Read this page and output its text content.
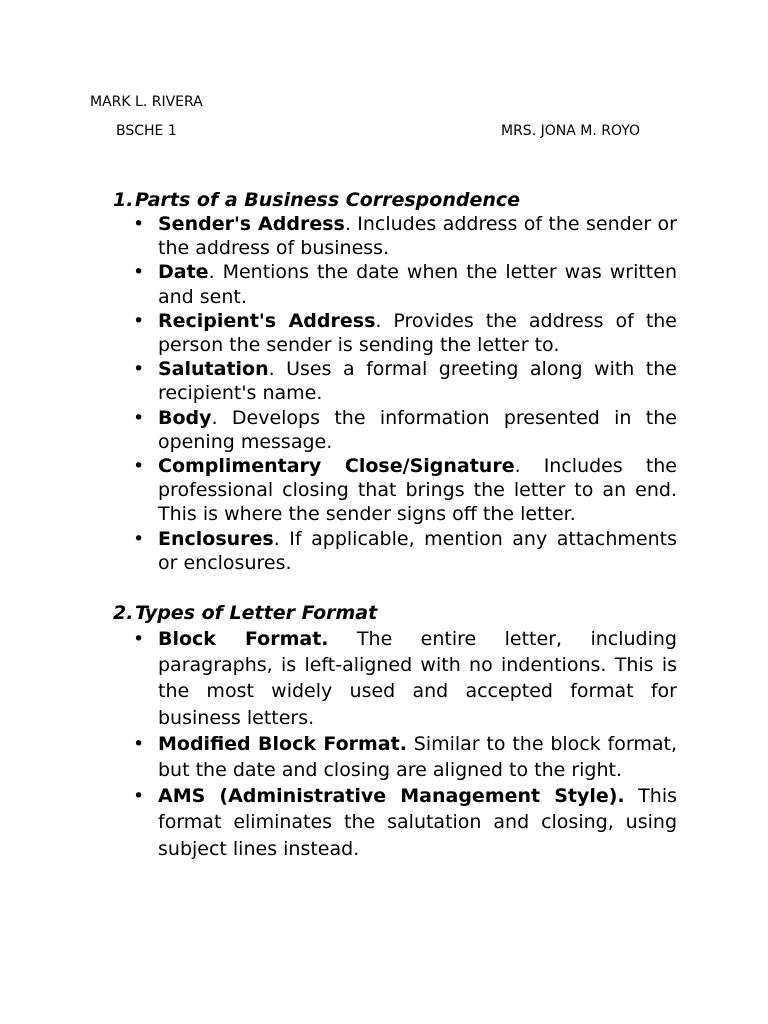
MARK L. RIVERA
BSCHE 1	MRS. JONA M. ROYO
1.Parts of a Business Correspondence
• Sender's Address. Includes address of the sender or the address of business.
• Date. Mentions the date when the letter was written and sent.
• Recipient's Address. Provides the address of the person the sender is sending the letter to.
• Salutation. Uses a formal greeting along with the recipient's name.
• Body. Develops the information presented in the opening message.
• Complimentary Close/Signature. Includes the professional closing that brings the letter to an end. This is where the sender signs off the letter.
• Enclosures. If applicable, mention any attachments or enclosures.
2.Types of Letter Format
• Block Format. The entire letter, including paragraphs, is left-aligned with no indentions. This is the most widely used and accepted format for business letters.
• Modified Block Format. Similar to the block format, but the date and closing are aligned to the right.
• AMS (Administrative Management Style). This format eliminates the salutation and closing, using subject lines instead.
